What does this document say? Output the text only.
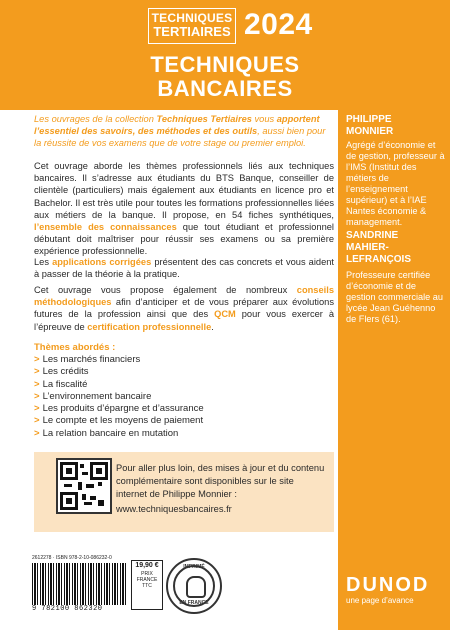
TECHNIQUES
TERTIAIRES 2024
TECHNIQUES
BANCAIRES
PHILIPPE
MONNIER
Agrégé d’économie et de gestion, professeur à l’IMS (Institut des métiers de l’enseignement supérieur) et à l’IAE Nantes économie & management.
SANDRINE
MAHIER-
LEFRANÇOIS
Professeure certifiée d’économie et de gestion commerciale au lycée Jean Guéhenno de Flers (61).
Les ouvrages de la collection Techniques Tertiaires vous apportent l’essentiel des savoirs, des méthodes et des outils, aussi bien pour la réussite de vos examens que de votre stage ou premier emploi.
Cet ouvrage aborde les thèmes professionnels liés aux techniques bancaires. Il s’adresse aux étudiants du BTS Banque, conseiller de clientèle (particuliers) mais également aux étudiants en licence pro et Bachelor. Il est très utile pour toutes les formations professionnelles liées aux métiers de la banque. Il propose, en 54 fiches synthétiques, l’ensemble des connaissances que tout étudiant et professionnel débutant doit maîtriser pour réussir ses examens ou sa première expérience professionnelle.
Les applications corrigées présentent des cas concrets et vous aident à passer de la théorie à la pratique.
Cet ouvrage vous propose également de nombreux conseils méthodologiques afin d’anticiper et de vous préparer aux évolutions futures de la profession ainsi que des QCM pour vous exercer à l’épreuve de certification professionnelle.
Thèmes abordés :
> Les marchés financiers
> Les crédits
> La fiscalité
> L’environnement bancaire
> Les produits d’épargne et d’assurance
> Le compte et les moyens de paiement
> La relation bancaire en mutation
Pour aller plus loin, des mises à jour et du contenu complémentaire sont disponibles sur le site internet de Philippe Monnier :
www.techniquesbancaires.fr
2612278 · ISBN 978-2-10-086232-0
9 782100 862320
19,90 €
PRIX
FRANCE
TTC
IMPRIMÉ
EN FRANCE
DUNOD
une page d’avance
